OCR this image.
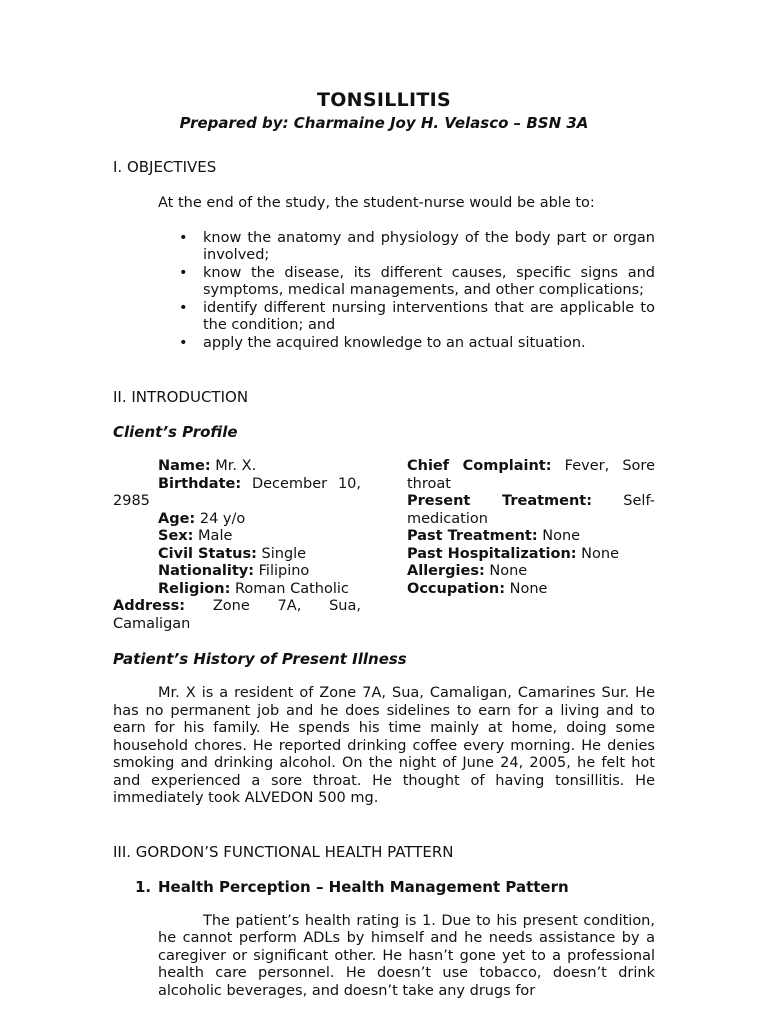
TONSILLITIS
Prepared by: Charmaine Joy H. Velasco – BSN 3A
I. OBJECTIVES
At the end of the study, the student-nurse would be able to:
• know the anatomy and physiology of the body part or organ involved;
• know the disease, its different causes, specific signs and symptoms, medical managements, and other complications;
• identify different nursing interventions that are applicable to the condition; and
• apply the acquired knowledge to an actual situation.
II. INTRODUCTION
Client’s Profile
Name: Mr. X.
Birthdate: December 10, 2985
Age: 24 y/o
Sex: Male
Civil Status: Single
Nationality: Filipino
Religion: Roman Catholic
Address: Zone 7A, Sua, Camaligan
Chief Complaint: Fever, Sore throat
Present Treatment: Self-medication
Past Treatment: None
Past Hospitalization: None
Allergies: None
Occupation: None
Patient’s History of Present Illness
Mr. X is a resident of Zone 7A, Sua, Camaligan, Camarines Sur. He has no permanent job and he does sidelines to earn for a living and to earn for his family. He spends his time mainly at home, doing some household chores. He reported drinking coffee every morning. He denies smoking and drinking alcohol. On the night of June 24, 2005, he felt hot and experienced a sore throat. He thought of having tonsillitis. He immediately took ALVEDON 500 mg.
III. GORDON’S FUNCTIONAL HEALTH PATTERN
1. Health Perception – Health Management Pattern
The patient’s health rating is 1. Due to his present condition, he cannot perform ADLs by himself and he needs assistance by a caregiver or significant other. He hasn’t gone yet to a professional health care personnel. He doesn’t use tobacco, doesn’t drink alcoholic beverages, and doesn’t take any drugs for
